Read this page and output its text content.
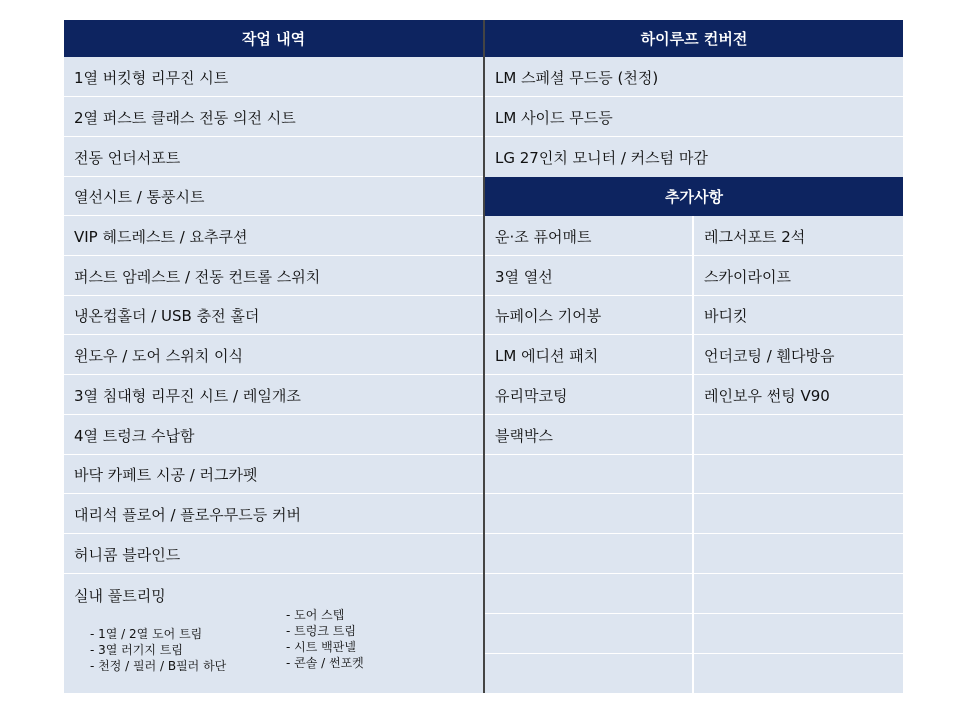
작업 내역	하이루프 컨버전
추가사항
1열 버킷형 리무진 시트
2열 퍼스트 클래스 전동 의전 시트
전동 언더서포트
열선시트 / 통풍시트
VIP 헤드레스트 / 요추쿠션
퍼스트 암레스트 / 전동 컨트롤 스위치
냉온컵홀더 / USB 충전 홀더
윈도우 / 도어 스위치 이식
3열 침대형 리무진 시트 / 레일개조
4열 트렁크 수납함
바닥 카페트 시공 / 러그카펫
대리석 플로어 / 플로우무드등 커버
허니콤 블라인드
실내 풀트리밍
- 1열 / 2열 도어 트림
- 3열 러기지 트림
- 천정 / 필러 / B필러 하단
- 도어 스텝
- 트렁크 트림
- 시트 백판넬
- 콘솔 / 썬포켓
LM 스페셜 무드등 (천정)
LM 사이드 무드등
LG 27인치 모니터 / 커스텀 마감
운·조 퓨어매트
3열 열선
뉴페이스 기어봉
LM 에디션 패치
유리막코팅
블랙박스
레그서포트 2석
스카이라이프
바디킷
언더코팅 / 휀다방음
레인보우 썬팅 V90
